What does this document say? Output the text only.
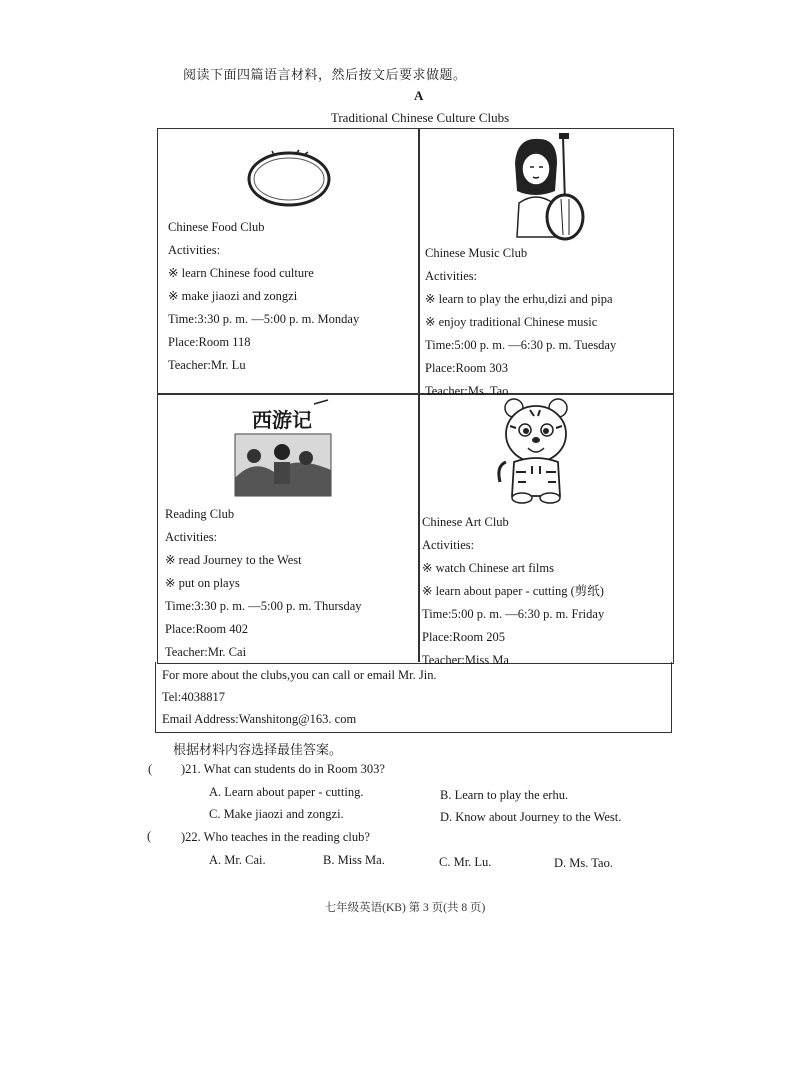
阅读下面四篇语言材料，然后按文后要求做题。
A
Traditional Chinese Culture Clubs
Chinese Food Club
Activities:
※ learn Chinese food culture
※ make jiaozi and zongzi
Time:3:30 p. m. —5:00 p. m. Monday
Place:Room 118
Teacher:Mr. Lu
Chinese Music Club
Activities:
※ learn to play the erhu,dizi and pipa
※ enjoy traditional Chinese music
Time:5:00 p. m. —6:30 p. m. Tuesday
Place:Room 303
Teacher:Ms. Tao
西游记
Reading Club
Activities:
※ read Journey to the West
※ put on plays
Time:3:30 p. m. —5:00 p. m. Thursday
Place:Room 402
Teacher:Mr. Cai
Chinese Art Club
Activities:
※ watch Chinese art films
※ learn about paper - cutting (剪纸)
Time:5:00 p. m. —6:30 p. m. Friday
Place:Room 205
Teacher:Miss Ma
For more about the clubs,you can call or email Mr. Jin.
Tel:4038817
Email Address:Wanshitong@163. com
根据材料内容选择最佳答案。
( )21. What can students do in Room 303?
A. Learn about paper - cutting.	B. Learn to play the erhu.
C. Make jiaozi and zongzi.	D. Know about Journey to the West.
( )22. Who teaches in the reading club?
A. Mr. Cai.	B. Miss Ma.	C. Mr. Lu.	D. Ms. Tao.
七年级英语(KB) 第 3 页(共 8 页)
